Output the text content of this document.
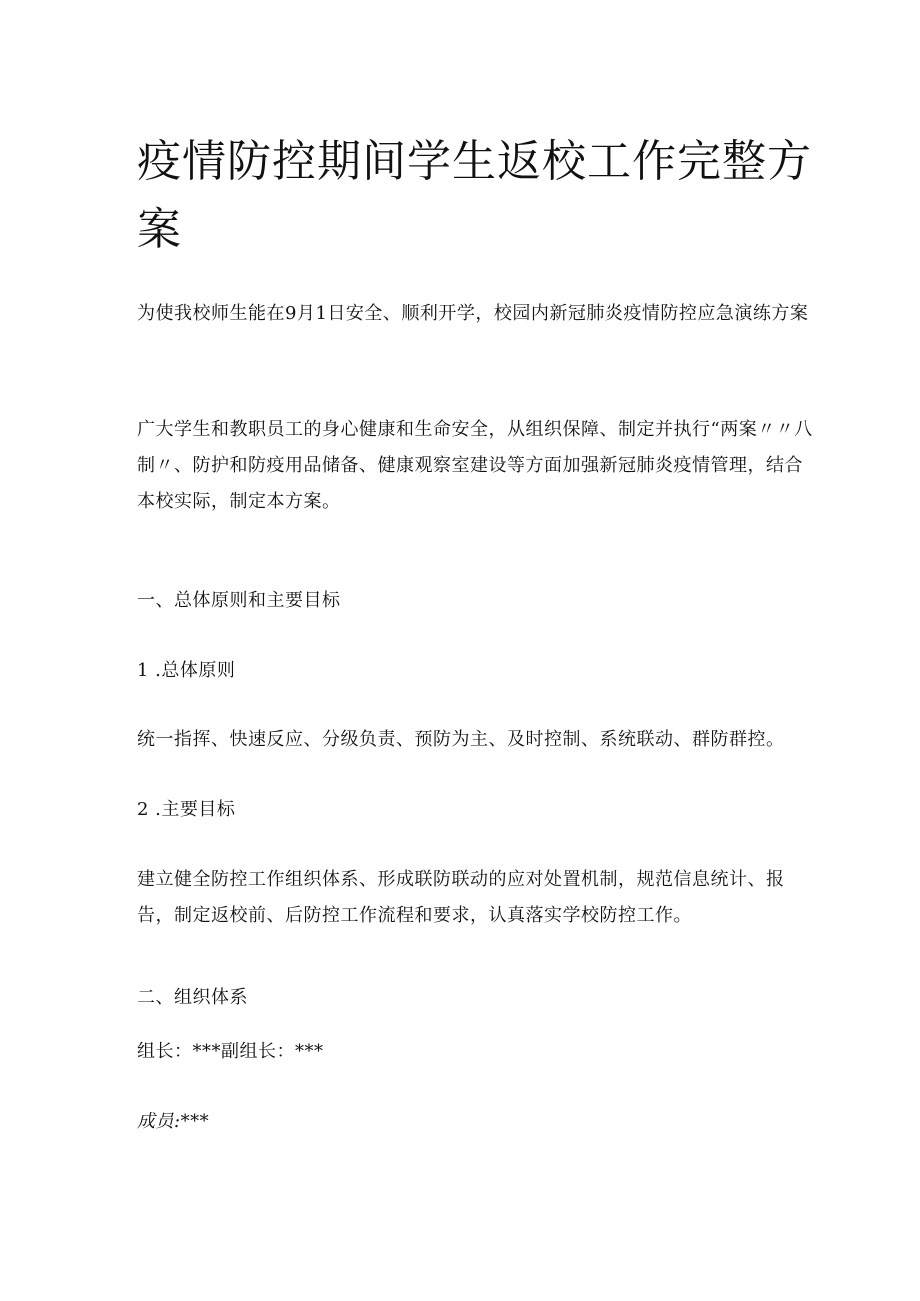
疫情防控期间学生返校工作完整方案

为使我校师生能在9月1日安全、顺利开学，校园内新冠肺炎疫情防控应急演练方案

广大学生和教职员工的身心健康和生命安全，从组织保障、制定并执行“两案〃〃八制〃、防护和防疫用品储备、健康观察室建设等方面加强新冠肺炎疫情管理，结合本校实际，制定本方案。

一、总体原则和主要目标

1 .总体原则

统一指挥、快速反应、分级负责、预防为主、及时控制、系统联动、群防群控。

2 .主要目标

建立健全防控工作组织体系、形成联防联动的应对处置机制，规范信息统计、报告，制定返校前、后防控工作流程和要求，认真落实学校防控工作。

二、组织体系

组长：***副组长：***

成员:***
